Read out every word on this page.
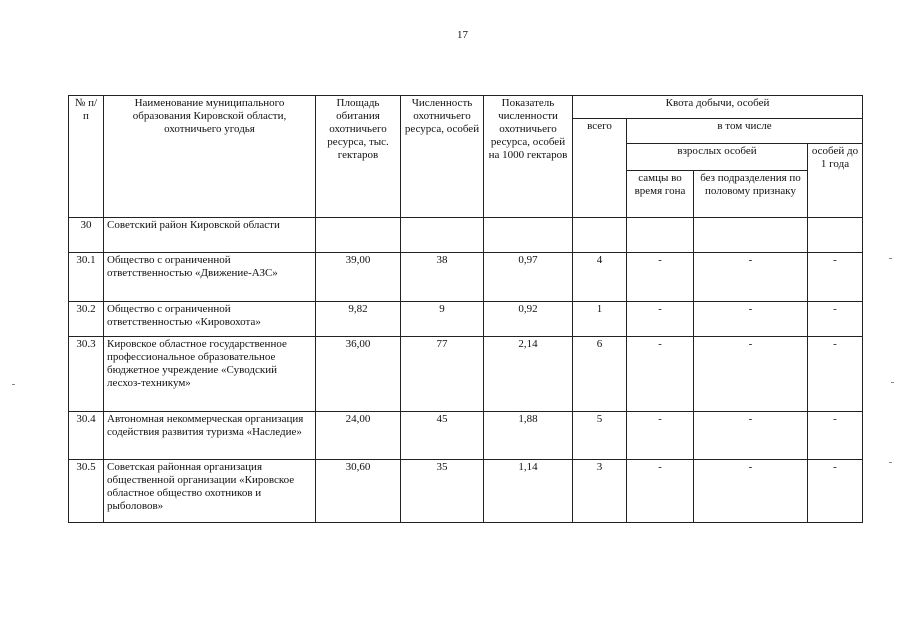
17
№ п/п	Наименование муниципального образования Кировской области, охотничьего угодья	Площадь обитания охотничьего ресурса, тыс. гектаров	Численность охотничьего ресурса, особей	Показатель численности охотничьего ресурса, особей на 1000 гектаров	Квота добычи, особей			
					всего	в том числе		
						взрослых особей		особей до 1 года
						самцы во время гона	без подразделения по половому признаку	
30	Советский район Кировской области							
30.1	Общество с ограниченной ответственностью «Движение-АЗС»	39,00	38	0,97	4	-	-	-
30.2	Общество с ограниченной ответственностью «Кировохота»	9,82	9	0,92	1	-	-	-
30.3	Кировское областное государственное профессиональное образовательное бюджетное учреждение «Суводский лесхоз-техникум»	36,00	77	2,14	6	-	-	-
30.4	Автономная некоммерческая организация содействия развития туризма «Наследие»	24,00	45	1,88	5	-	-	-
30.5	Советская районная организация общественной организации «Кировское областное общество охотников и рыболовов»	30,60	35	1,14	3	-	-	-
